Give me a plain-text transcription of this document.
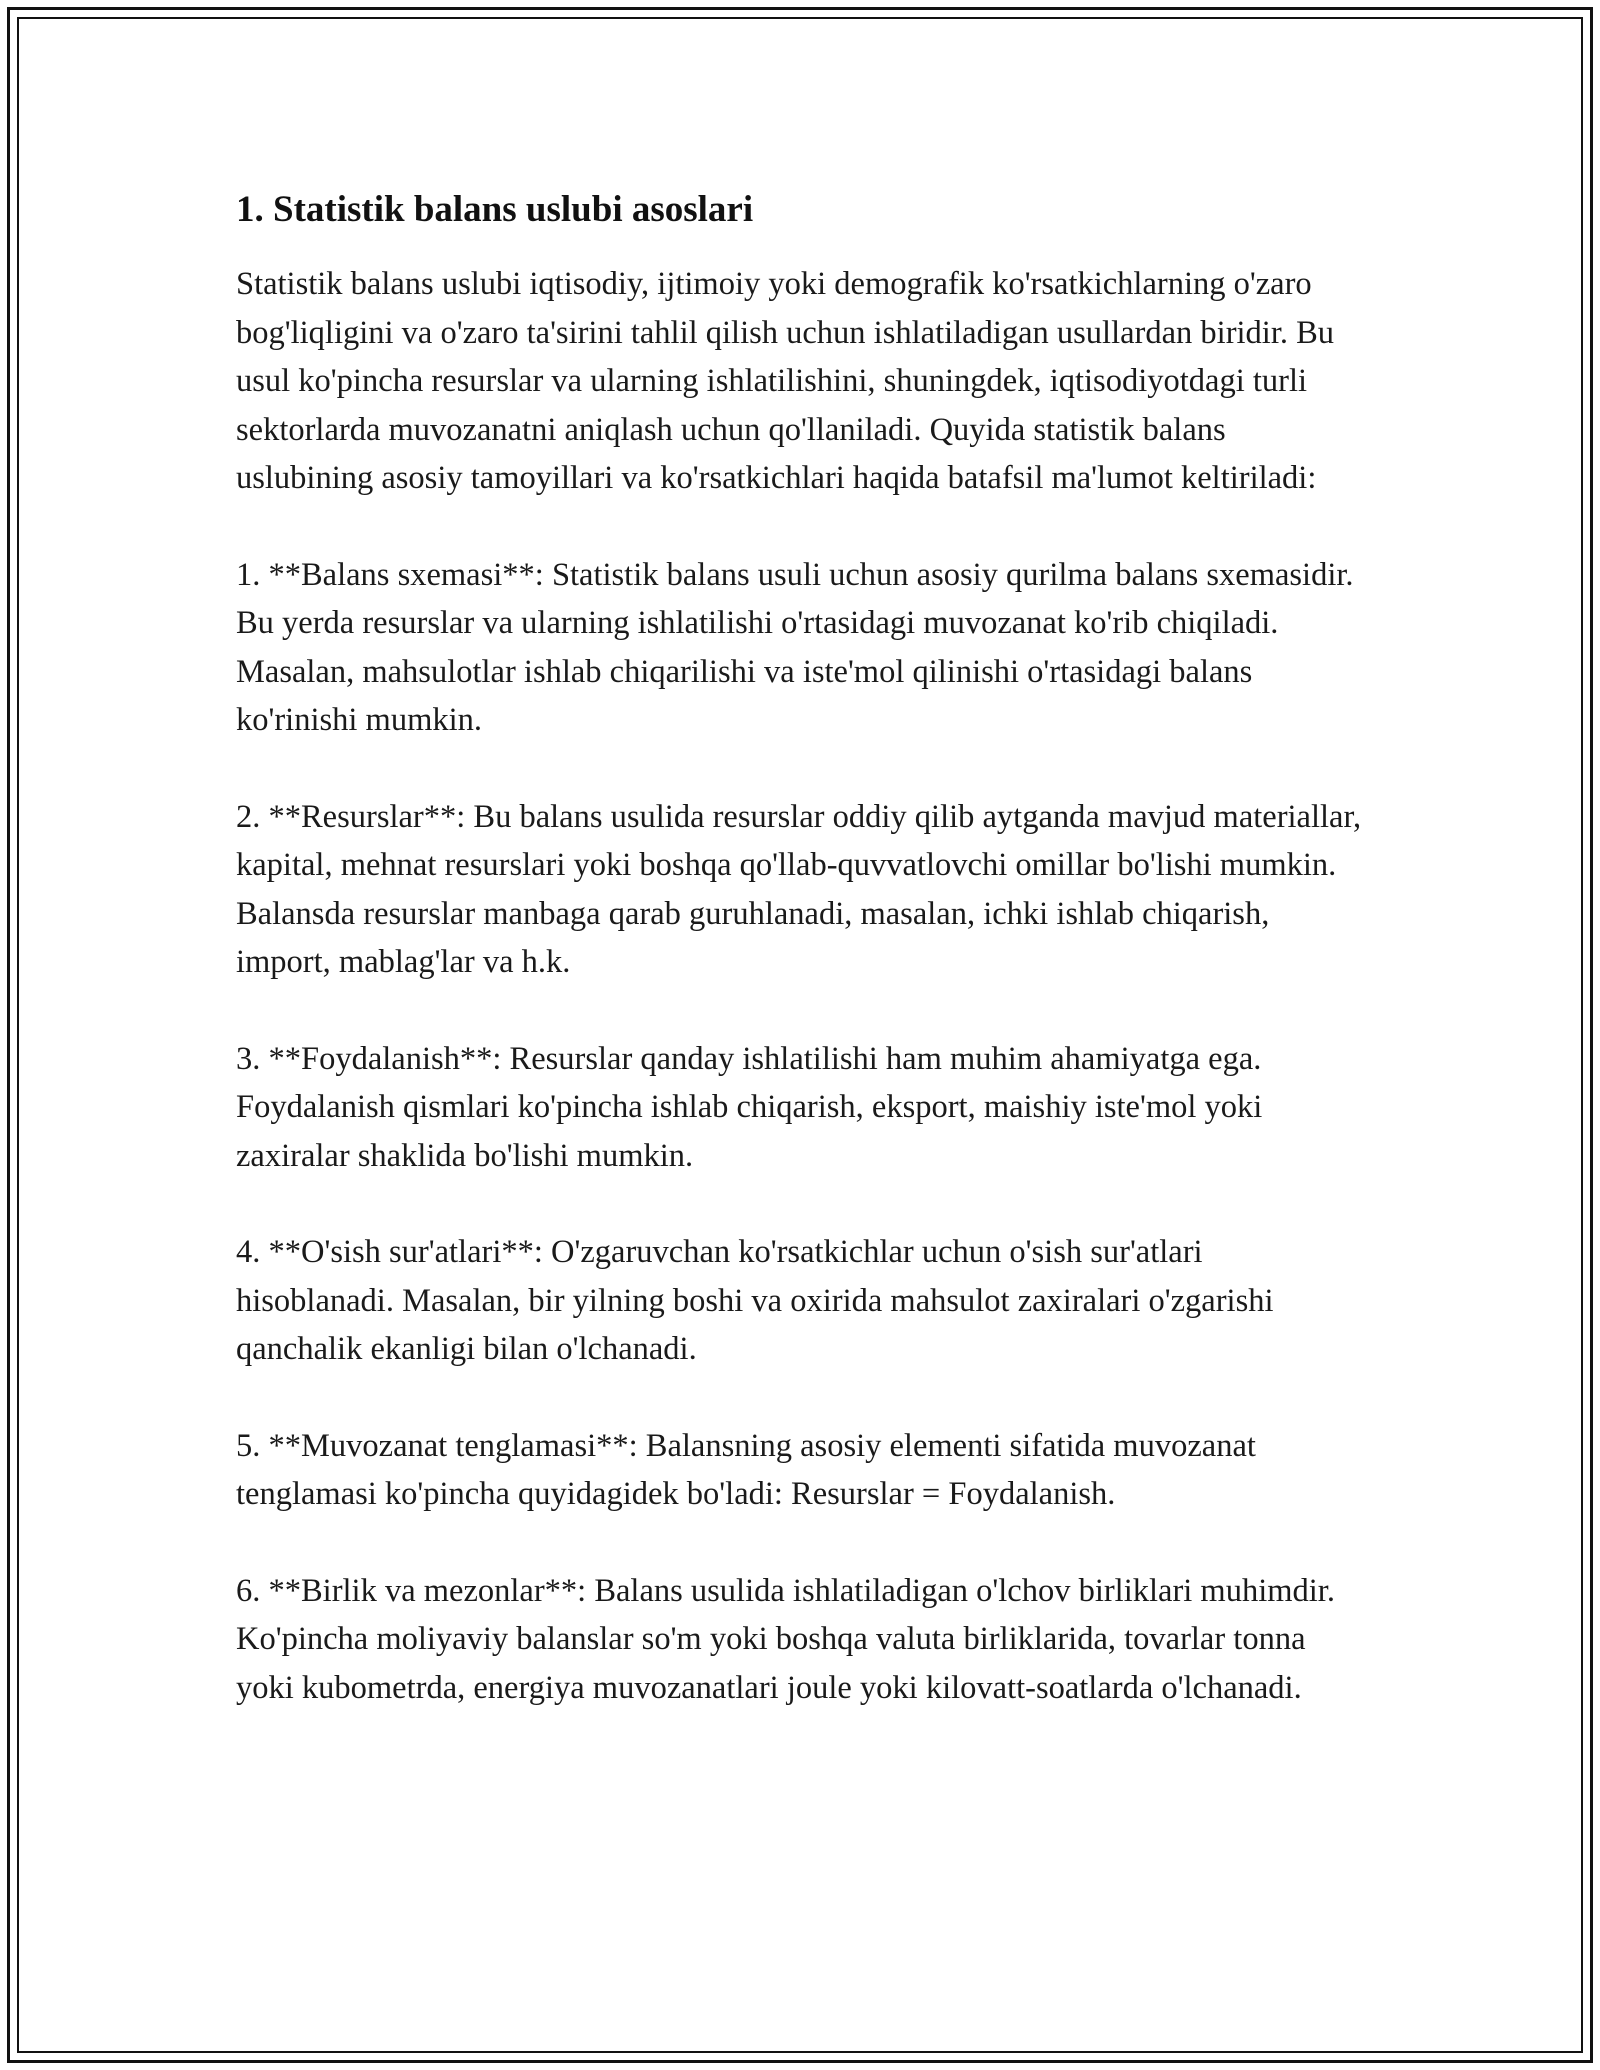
1. Statistik balans uslubi asoslari

Statistik balans uslubi iqtisodiy, ijtimoiy yoki demografik ko'rsatkichlarning o'zaro bog'liqligini va o'zaro ta'sirini tahlil qilish uchun ishlatiladigan usullardan biridir. Bu usul ko'pincha resurslar va ularning ishlatilishini, shuningdek, iqtisodiyotdagi turli sektorlarda muvozanatni aniqlash uchun qo'llaniladi. Quyida statistik balans uslubining asosiy tamoyillari va ko'rsatkichlari haqida batafsil ma'lumot keltiriladi:

1. **Balans sxemasi**: Statistik balans usuli uchun asosiy qurilma balans sxemasidir. Bu yerda resurslar va ularning ishlatilishi o'rtasidagi muvozanat ko'rib chiqiladi. Masalan, mahsulotlar ishlab chiqarilishi va iste'mol qilinishi o'rtasidagi balans ko'rinishi mumkin.

2. **Resurslar**: Bu balans usulida resurslar oddiy qilib aytganda mavjud materiallar, kapital, mehnat resurslari yoki boshqa qo'llab-quvvatlovchi omillar bo'lishi mumkin. Balansda resurslar manbaga qarab guruhlanadi, masalan, ichki ishlab chiqarish, import, mablag'lar va h.k.

3. **Foydalanish**: Resurslar qanday ishlatilishi ham muhim ahamiyatga ega. Foydalanish qismlari ko'pincha ishlab chiqarish, eksport, maishiy iste'mol yoki zaxiralar shaklida bo'lishi mumkin.

4. **O'sish sur'atlari**: O'zgaruvchan ko'rsatkichlar uchun o'sish sur'atlari hisoblanadi. Masalan, bir yilning boshi va oxirida mahsulot zaxiralari o'zgarishi qanchalik ekanligi bilan o'lchanadi.

5. **Muvozanat tenglamasi**: Balansning asosiy elementi sifatida muvozanat tenglamasi ko'pincha quyidagidek bo'ladi: Resurslar = Foydalanish.

6. **Birlik va mezonlar**: Balans usulida ishlatiladigan o'lchov birliklari muhimdir. Ko'pincha moliyaviy balanslar so'm yoki boshqa valuta birliklarida, tovarlar tonna yoki kubometrda, energiya muvozanatlari joule yoki kilovatt-soatlarda o'lchanadi.
